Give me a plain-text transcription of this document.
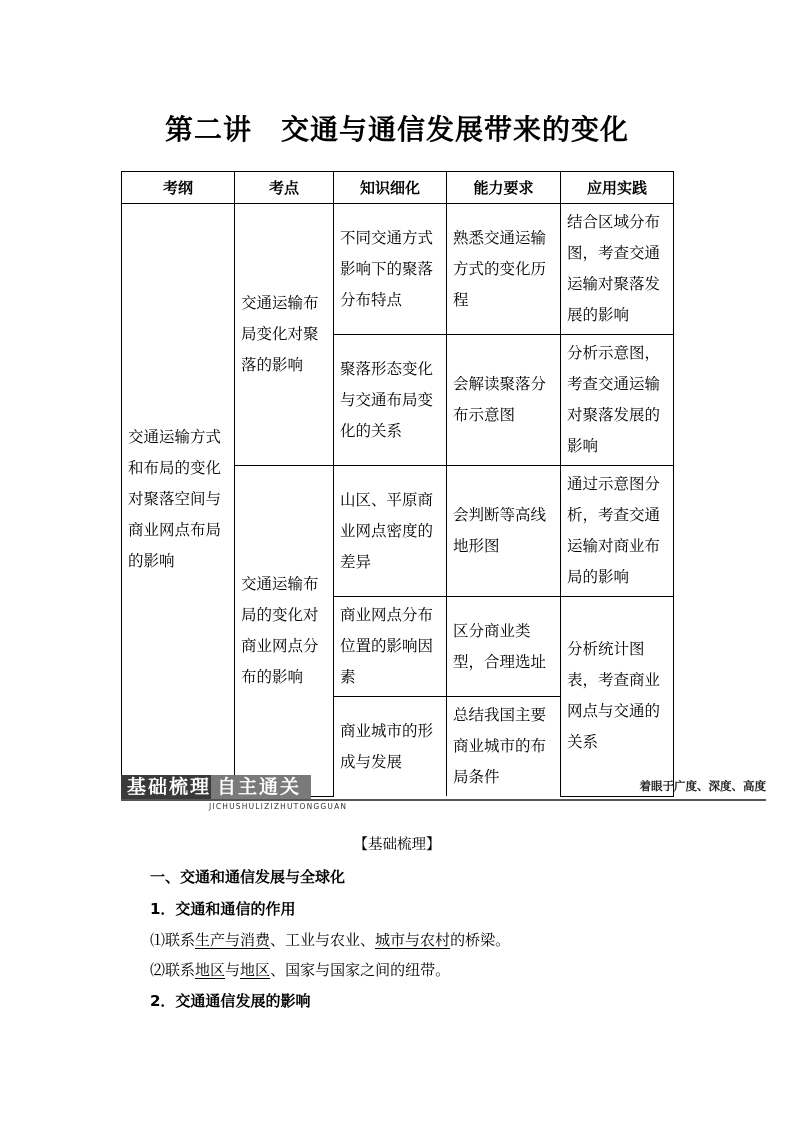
第二讲　交通与通信发展带来的变化
考纲	考点	知识细化	能力要求	应用实践
交通运输方式和布局的变化对聚落空间与商业网点布局的影响	交通运输布局变化对聚落的影响	不同交通方式影响下的聚落分布特点	熟悉交通运输方式的变化历程	结合区域分布图，考查交通运输对聚落发展的影响
		聚落形态变化与交通布局变化的关系	会解读聚落分布示意图	分析示意图，考查交通运输对聚落发展的影响
	交通运输布局的变化对商业网点分布的影响	山区、平原商业网点密度的差异	会判断等高线地形图	通过示意图分析，考查交通运输对商业布局的影响
		商业网点分布位置的影响因素	区分商业类型，合理选址	分析统计图表，考查商业网点与交通的关系
		商业城市的形成与发展	总结我国主要商业城市的布局条件	
基础梳理 自主通关
JICHUSHULIZIZHUTONGGUAN
着眼于广度、深度、高度
【基础梳理】
一、交通和通信发展与全球化
1．交通和通信的作用
⑴联系生产与消费、工业与农业、城市与农村的桥梁。
⑵联系地区与地区、国家与国家之间的纽带。
2．交通通信发展的影响
